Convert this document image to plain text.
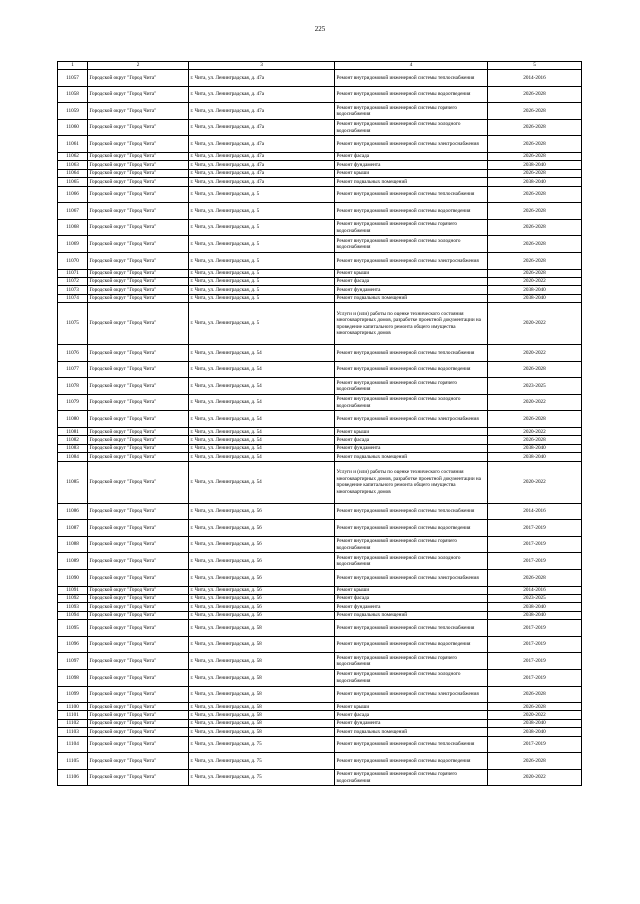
225
1	2	3	4	5
11057	Городской округ "Город Чита"	г. Чита, ул. Ленинградская, д. 47а	Ремонт внутридомовой инженерной системы теплоснабжения	2014-2016
11058	Городской округ "Город Чита"	г. Чита, ул. Ленинградская, д. 47а	Ремонт внутридомовой инженерной системы водоотведения	2026-2028
11059	Городской округ "Город Чита"	г. Чита, ул. Ленинградская, д. 47а	Ремонт внутридомовой инженерной системы горячего водоснабжения	2026-2028
11060	Городской округ "Город Чита"	г. Чита, ул. Ленинградская, д. 47а	Ремонт внутридомовой инженерной системы холодного водоснабжения	2026-2028
11061	Городской округ "Город Чита"	г. Чита, ул. Ленинградская, д. 47а	Ремонт внутридомовой инженерной системы электроснабжения	2026-2028
11062	Городской округ "Город Чита"	г. Чита, ул. Ленинградская, д. 47а	Ремонт фасада	2026-2028
11063	Городской округ "Город Чита"	г. Чита, ул. Ленинградская, д. 47а	Ремонт фундамента	2038-2040
11064	Городской округ "Город Чита"	г. Чита, ул. Ленинградская, д. 47а	Ремонт крыши	2026-2028
11065	Городской округ "Город Чита"	г. Чита, ул. Ленинградская, д. 47а	Ремонт подвальных помещений	2038-2040
11066	Городской округ "Город Чита"	г. Чита, ул. Ленинградская, д. 5	Ремонт внутридомовой инженерной системы теплоснабжения	2026-2028
11067	Городской округ "Город Чита"	г. Чита, ул. Ленинградская, д. 5	Ремонт внутридомовой инженерной системы водоотведения	2026-2028
11068	Городской округ "Город Чита"	г. Чита, ул. Ленинградская, д. 5	Ремонт внутридомовой инженерной системы горячего водоснабжения	2026-2028
11069	Городской округ "Город Чита"	г. Чита, ул. Ленинградская, д. 5	Ремонт внутридомовой инженерной системы холодного водоснабжения	2026-2028
11070	Городской округ "Город Чита"	г. Чита, ул. Ленинградская, д. 5	Ремонт внутридомовой инженерной системы электроснабжения	2026-2028
11071	Городской округ "Город Чита"	г. Чита, ул. Ленинградская, д. 5	Ремонт крыши	2026-2028
11072	Городской округ "Город Чита"	г. Чита, ул. Ленинградская, д. 5	Ремонт фасада	2020-2022
11073	Городской округ "Город Чита"	г. Чита, ул. Ленинградская, д. 5	Ремонт фундамента	2038-2040
11074	Городской округ "Город Чита"	г. Чита, ул. Ленинградская, д. 5	Ремонт подвальных помещений	2038-2040
11075	Городской округ "Город Чита"	г. Чита, ул. Ленинградская, д. 5	Услуги и (или) работы по оценке технического состояния многоквартирных домов, разработке проектной документации на проведение капитального ремонта общего имущества многоквартирных домов	2020-2022
11076	Городской округ "Город Чита"	г. Чита, ул. Ленинградская, д. 54	Ремонт внутридомовой инженерной системы теплоснабжения	2020-2022
11077	Городской округ "Город Чита"	г. Чита, ул. Ленинградская, д. 54	Ремонт внутридомовой инженерной системы водоотведения	2026-2028
11078	Городской округ "Город Чита"	г. Чита, ул. Ленинградская, д. 54	Ремонт внутридомовой инженерной системы горячего водоснабжения	2023-2025
11079	Городской округ "Город Чита"	г. Чита, ул. Ленинградская, д. 54	Ремонт внутридомовой инженерной системы холодного водоснабжения	2020-2022
11080	Городской округ "Город Чита"	г. Чита, ул. Ленинградская, д. 54	Ремонт внутридомовой инженерной системы электроснабжения	2026-2028
11081	Городской округ "Город Чита"	г. Чита, ул. Ленинградская, д. 54	Ремонт крыши	2020-2022
11082	Городской округ "Город Чита"	г. Чита, ул. Ленинградская, д. 54	Ремонт фасада	2026-2028
11083	Городской округ "Город Чита"	г. Чита, ул. Ленинградская, д. 54	Ремонт фундамента	2038-2040
11084	Городской округ "Город Чита"	г. Чита, ул. Ленинградская, д. 54	Ремонт подвальных помещений	2038-2040
11085	Городской округ "Город Чита"	г. Чита, ул. Ленинградская, д. 54	Услуги и (или) работы по оценке технического состояния многоквартирных домов, разработке проектной документации на проведение капитального ремонта общего имущества многоквартирных домов	2020-2022
11086	Городской округ "Город Чита"	г. Чита, ул. Ленинградская, д. 56	Ремонт внутридомовой инженерной системы теплоснабжения	2014-2016
11087	Городской округ "Город Чита"	г. Чита, ул. Ленинградская, д. 56	Ремонт внутридомовой инженерной системы водоотведения	2017-2019
11088	Городской округ "Город Чита"	г. Чита, ул. Ленинградская, д. 56	Ремонт внутридомовой инженерной системы горячего водоснабжения	2017-2019
11089	Городской округ "Город Чита"	г. Чита, ул. Ленинградская, д. 56	Ремонт внутридомовой инженерной системы холодного водоснабжения	2017-2019
11090	Городской округ "Город Чита"	г. Чита, ул. Ленинградская, д. 56	Ремонт внутридомовой инженерной системы электроснабжения	2026-2028
11091	Городской округ "Город Чита"	г. Чита, ул. Ленинградская, д. 56	Ремонт крыши	2014-2016
11092	Городской округ "Город Чита"	г. Чита, ул. Ленинградская, д. 56	Ремонт фасада	2023-2025
11093	Городской округ "Город Чита"	г. Чита, ул. Ленинградская, д. 56	Ремонт фундамента	2038-2040
11094	Городской округ "Город Чита"	г. Чита, ул. Ленинградская, д. 56	Ремонт подвальных помещений	2038-2040
11095	Городской округ "Город Чита"	г. Чита, ул. Ленинградская, д. 58	Ремонт внутридомовой инженерной системы теплоснабжения	2017-2019
11096	Городской округ "Город Чита"	г. Чита, ул. Ленинградская, д. 58	Ремонт внутридомовой инженерной системы водоотведения	2017-2019
11097	Городской округ "Город Чита"	г. Чита, ул. Ленинградская, д. 58	Ремонт внутридомовой инженерной системы горячего водоснабжения	2017-2019
11098	Городской округ "Город Чита"	г. Чита, ул. Ленинградская, д. 58	Ремонт внутридомовой инженерной системы холодного водоснабжения	2017-2019
11099	Городской округ "Город Чита"	г. Чита, ул. Ленинградская, д. 58	Ремонт внутридомовой инженерной системы электроснабжения	2026-2028
11100	Городской округ "Город Чита"	г. Чита, ул. Ленинградская, д. 58	Ремонт крыши	2026-2028
11101	Городской округ "Город Чита"	г. Чита, ул. Ленинградская, д. 58	Ремонт фасада	2020-2022
11102	Городской округ "Город Чита"	г. Чита, ул. Ленинградская, д. 58	Ремонт фундамента	2038-2040
11103	Городской округ "Город Чита"	г. Чита, ул. Ленинградская, д. 58	Ремонт подвальных помещений	2038-2040
11104	Городской округ "Город Чита"	г. Чита, ул. Ленинградская, д. 75	Ремонт внутридомовой инженерной системы теплоснабжения	2017-2019
11105	Городской округ "Город Чита"	г. Чита, ул. Ленинградская, д. 75	Ремонт внутридомовой инженерной системы водоотведения	2026-2028
11106	Городской округ "Город Чита"	г. Чита, ул. Ленинградская, д. 75	Ремонт внутридомовой инженерной системы горячего водоснабжения	2020-2022
